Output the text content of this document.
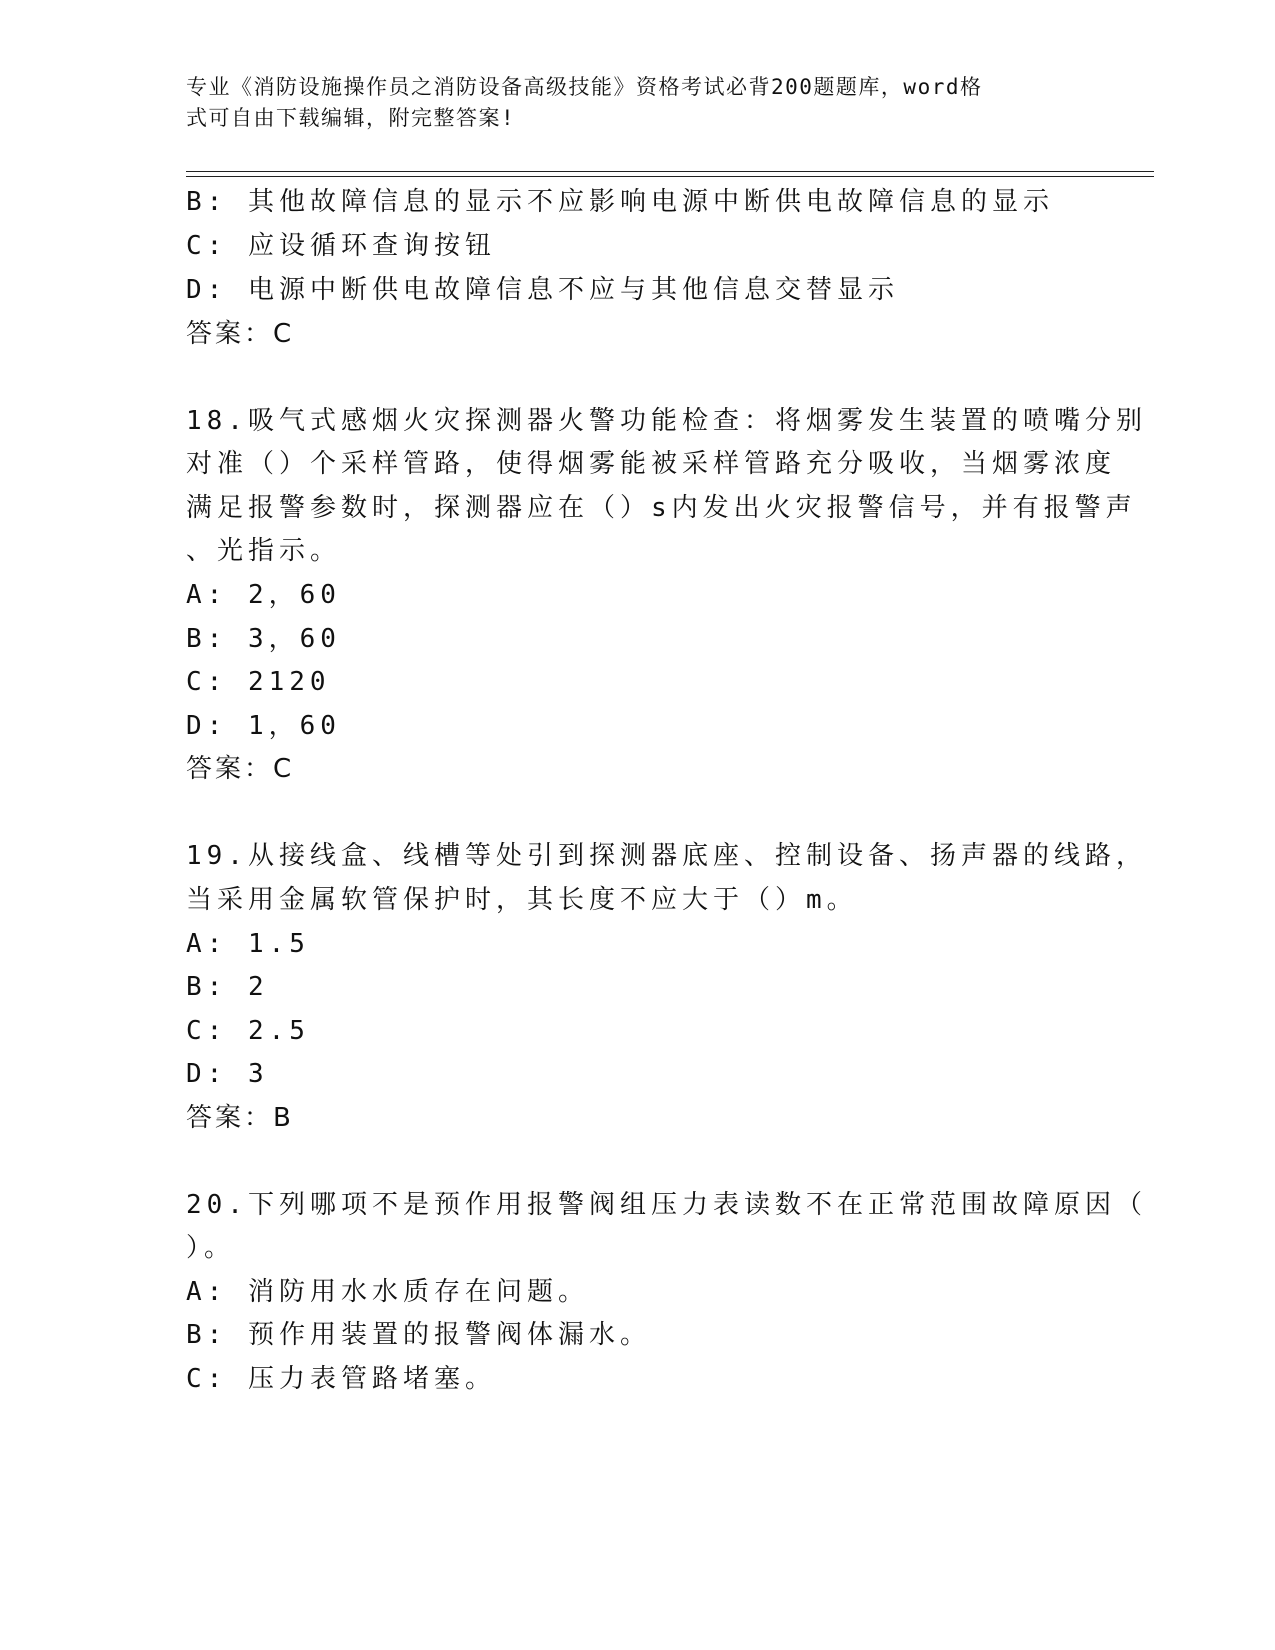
专业《消防设施操作员之消防设备高级技能》资格考试必背200题题库，word格
式可自由下载编辑，附完整答案!
B: 其他故障信息的显示不应影响电源中断供电故障信息的显示
C: 应设循环查询按钮
D: 电源中断供电故障信息不应与其他信息交替显示
答案：C
18.吸气式感烟火灾探测器火警功能检查：将烟雾发生装置的喷嘴分别
对准（）个采样管路，使得烟雾能被采样管路充分吸收，当烟雾浓度
满足报警参数时，探测器应在（）s内发出火灾报警信号，并有报警声
、光指示。
A: 2，60
B: 3，60
C: 2120
D: 1，60
答案：C
19.从接线盒、线槽等处引到探测器底座、控制设备、扬声器的线路，
当采用金属软管保护时，其长度不应大于（）m。
A: 1.5
B: 2
C: 2.5
D: 3
答案：B
20.下列哪项不是预作用报警阀组压力表读数不在正常范围故障原因（
）。
A: 消防用水水质存在问题。
B: 预作用装置的报警阀体漏水。
C: 压力表管路堵塞。
